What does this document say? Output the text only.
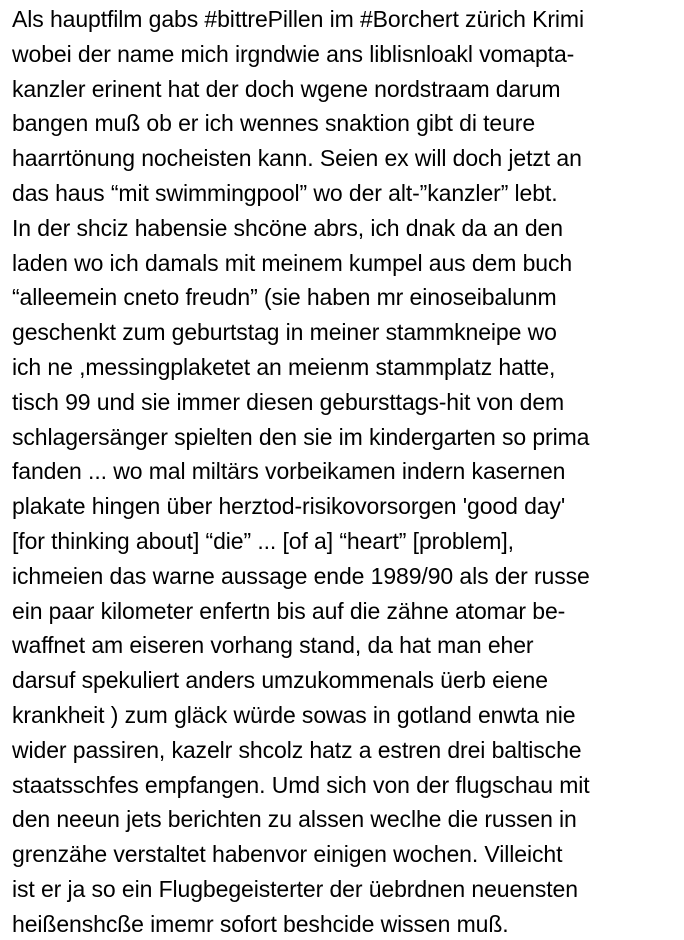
Als hauptfilm gabs #bittrePillen im #Borchert zürich Krimi
wobei der name mich irgndwie ans liblisnloakl vomapta-
kanzler erinent hat der doch wgene nordstraam darum
bangen muß ob er ich wennes snaktion gibt di teure
haarrtönung nocheisten kann. Seien ex will doch jetzt an
das haus “mit swimmingpool” wo der alt-”kanzler” lebt.
In der shciz habensie shcöne abrs, ich dnak da an den
laden wo ich damals mit meinem kumpel aus dem buch
“alleemein cneto freudn” (sie haben mr einoseibalunm
geschenkt zum geburtstag in meiner stammkneipe wo
ich ne ,messingplaketet an meienm stammplatz hatte,
tisch 99 und sie immer diesen gebursttags-hit von dem
schlagersänger spielten den sie im kindergarten so prima
fanden ... wo mal miltärs vorbeikamen indern kasernen
plakate hingen über herztod-risikovorsorgen 'good day'
[for thinking about] “die” ... [of a] “heart” [problem],
ichmeien das warne aussage ende 1989/90 als der russe
ein paar kilometer enfertn bis auf die zähne atomar be-
waffnet am eiseren vorhang stand, da hat man eher
darsuf spekuliert anders umzukommenals üerb eiene
krankheit ) zum gläck würde sowas in gotland enwta nie
wider passiren, kazelr shcolz hatz a estren drei baltische
staatsschfes empfangen. Umd sich von der flugschau mit
den neeun jets berichten zu alssen weclhe die russen in
grenzähe verstaltet habenvor einigen wochen. Villeicht
ist er ja so ein Flugbegeisterter der üebrdnen neuensten
heißenshcße imemr sofort beshcide wissen muß.
